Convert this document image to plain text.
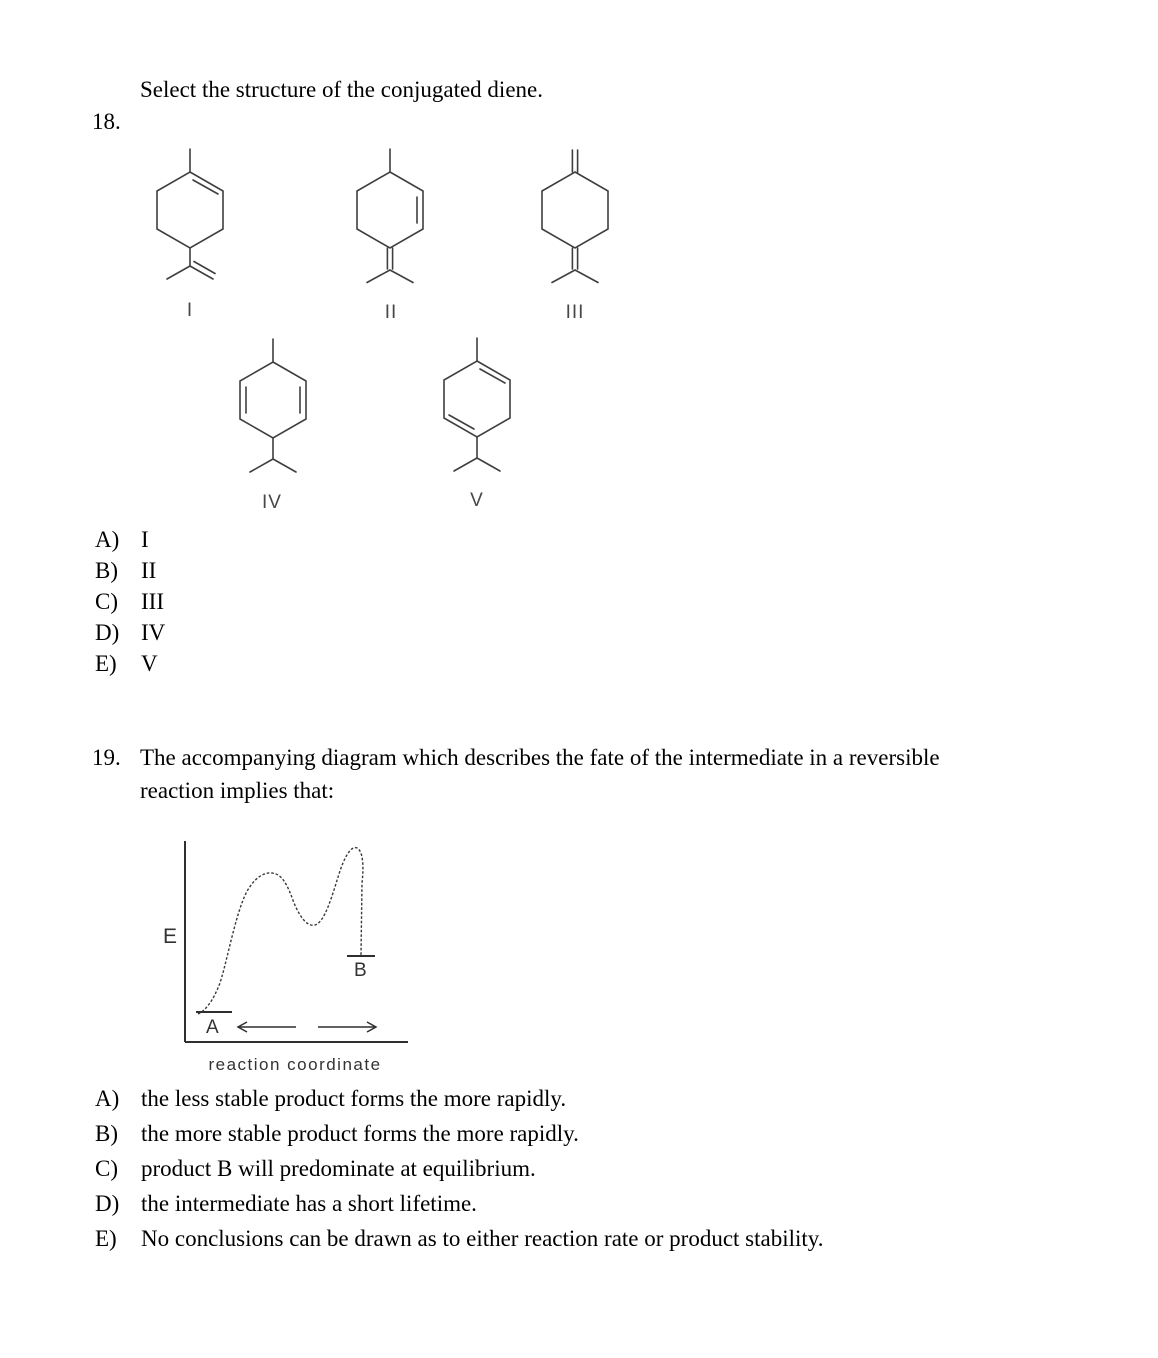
Select the structure of the conjugated diene.
18.
I	II	III
IV	V
A) I
B)	II
C)	III
D) IV
E)	V
19. The accompanying diagram which describes the fate of the intermediate in a reversible
reaction implies that:
E
A
B
reaction coordinate
A) the less stable product forms the more rapidly.
B)	the more stable product forms the more rapidly.
C)	product B will predominate at equilibrium.
D) the intermediate has a short lifetime.
E)	No conclusions can be drawn as to either reaction rate or product stability.
